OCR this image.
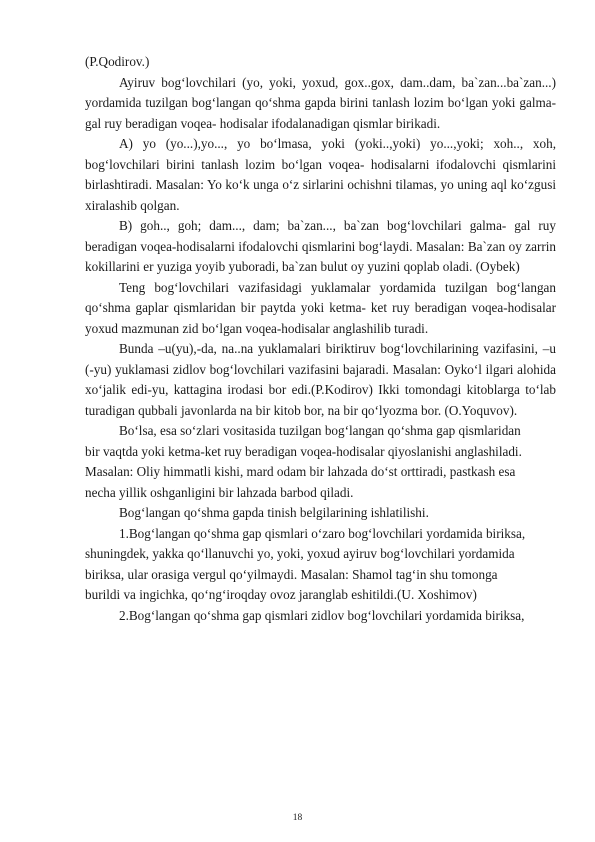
(P.Qodirov.)

Ayiruv bogʻlovchilari (yo, yoki, yoxud, gox..gox, dam..dam, ba`zan...ba`zan...) yordamida tuzilgan bogʻlangan qoʻshma gapda birini tanlash lozim boʻlgan yoki galma-gal ruy beradigan voqea- hodisalar ifodalanadigan qismlar birikadi.

A) yo (yo...),yo..., yo boʻlmasa, yoki (yoki..,yoki) yo...,yoki; xoh.., xoh, bogʻlovchilari birini tanlash lozim boʻlgan voqea- hodisalarni ifodalovchi qismlarini birlashtiradi. Masalan: Yo koʻk unga oʻz sirlarini ochishni tilamas, yo uning aql koʻzgusi xiralashib qolgan.

B) goh.., goh; dam..., dam; ba`zan..., ba`zan bogʻlovchilari galma- gal ruy beradigan voqea-hodisalarni ifodalovchi qismlarini bogʻlaydi. Masalan: Ba`zan oy zarrin kokillarini er yuziga yoyib yuboradi, ba`zan bulut oy yuzini qoplab oladi. (Oybek)

Teng bogʻlovchilari vazifasidagi yuklamalar yordamida tuzilgan bogʻlangan qoʻshma gaplar qismlaridan bir paytda yoki ketma- ket ruy beradigan voqea-hodisalar yoxud mazmunan zid boʻlgan voqea-hodisalar anglashilib turadi.

Bunda –u(yu),-da, na..na yuklamalari biriktiruv bogʻlovchilarining vazifasini, –u (-yu) yuklamasi zidlov bogʻlovchilari vazifasini bajaradi. Masalan: Oykoʻl ilgari alohida xoʻjalik edi-yu, kattagina irodasi bor edi.(P.Kodirov) Ikki tomondagi kitoblarga toʻlab turadigan qubbali javonlarda na bir kitob bor, na bir qoʻlyozma bor. (O.Yoquvov).

Boʻlsa, esa soʻzlari vositasida tuzilgan bogʻlangan qoʻshma gap qismlaridan
bir vaqtda yoki ketma-ket ruy beradigan voqea-hodisalar qiyoslanishi anglashiladi.
Masalan: Oliy himmatli kishi, mard odam bir lahzada doʻst orttiradi, pastkash esa
necha yillik oshganligini bir lahzada barbod qiladi.
Bogʻlangan qoʻshma gapda tinish belgilarining ishlatilishi.
1.Bogʻlangan qoʻshma gap qismlari oʻzaro bogʻlovchilari yordamida biriksa,
shuningdek, yakka qoʻllanuvchi yo, yoki, yoxud ayiruv bogʻlovchilari yordamida
biriksa, ular orasiga vergul qoʻyilmaydi. Masalan: Shamol tagʻin shu tomonga
burildi va ingichka, qoʻngʻiroqday ovoz jaranglab eshitildi.(U. Xoshimov)
2.Bogʻlangan qoʻshma gap qismlari zidlov bogʻlovchilari yordamida biriksa,
18
